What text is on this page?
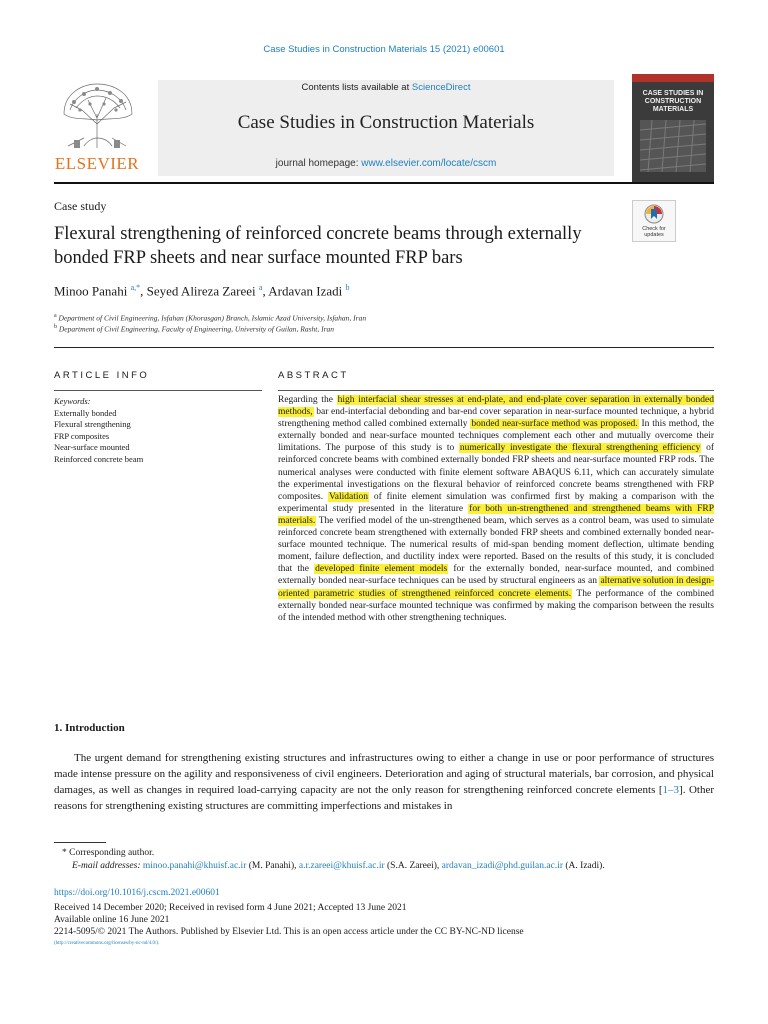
Case Studies in Construction Materials 15 (2021) e00601
ELSEVIER
Contents lists available at ScienceDirect
Case Studies in Construction Materials
journal homepage: www.elsevier.com/locate/cscm
CASE STUDIES IN CONSTRUCTION MATERIALS
Case study
Check for updates
Flexural strengthening of reinforced concrete beams through externally bonded FRP sheets and near surface mounted FRP bars
Minoo Panahi $^{a,*}$, Seyed Alireza Zareei $^a$, Ardavan Izadi $^b$
$^a$ Department of Civil Engineering, Isfahan (Khorasgan) Branch, Islamic Azad University, Isfahan, Iran
$^b$ Department of Civil Engineering, Faculty of Engineering, University of Guilan, Rasht, Iran
ARTICLE INFO	ABSTRACT
Keywords:
Externally bonded
Flexural strengthening
FRP composites
Near-surface mounted
Reinforced concrete beam
Regarding the high interfacial shear stresses at end-plate, and end-plate cover separation in externally bonded methods, bar end-interfacial debonding and bar-end cover separation in near-surface mounted technique, a hybrid strengthening method called combined externally bonded near-surface method was proposed. In this method, the externally bonded and near-surface mounted techniques complement each other and mutually overcome their limitations. The purpose of this study is to numerically investigate the flexural strengthening efficiency of reinforced concrete beams with combined externally bonded FRP sheets and near-surface mounted FRP rods. The numerical analyses were conducted with finite element software ABAQUS 6.11, which can accurately simulate the experimental investigations on the flexural behavior of reinforced concrete beams strengthened with FRP composites. Validation of finite element simulation was confirmed first by making a comparison with the experimental study presented in the literature for both un-strengthened and strengthened beams with FRP materials. The verified model of the un-strengthened beam, which serves as a control beam, was used to simulate reinforced concrete beam strengthened with externally bonded FRP sheets and combined externally bonded near-surface mounted technique. The numerical results of mid-span bending moment deflection, ultimate bending moment, failure deflection, and ductility index were reported. Based on the results of this study, it is concluded that the developed finite element models for the externally bonded, near-surface mounted, and combined externally bonded near-surface techniques can be used by structural engineers as an alternative solution in design-oriented parametric studies of strengthened reinforced concrete elements. The performance of the combined externally bonded near-surface mounted technique was confirmed by making the comparison between the results of the intended method with other strengthening techniques.
1. Introduction
The urgent demand for strengthening existing structures and infrastructures owing to either a change in use or poor performance of structures made intense pressure on the agility and responsiveness of civil engineers. Deterioration and aging of structural materials, bar corrosion, and physical damages, as well as changes in required load-carrying capacity are not the only reason for strengthening reinforced concrete elements [1–3]. Other reasons for strengthening existing structures are committing imperfections and mistakes in
* Corresponding author.
E-mail addresses: minoo.panahi@khuisf.ac.ir (M. Panahi), a.r.zareei@khuisf.ac.ir (S.A. Zareei), ardavan_izadi@phd.guilan.ac.ir (A. Izadi).
https://doi.org/10.1016/j.cscm.2021.e00601
Received 14 December 2020; Received in revised form 4 June 2021; Accepted 13 June 2021
Available online 16 June 2021
2214-5095/© 2021 The Authors. Published by Elsevier Ltd. This is an open access article under the CC BY-NC-ND license
(http://creativecommons.org/licenses/by-nc-nd/4.0/).
